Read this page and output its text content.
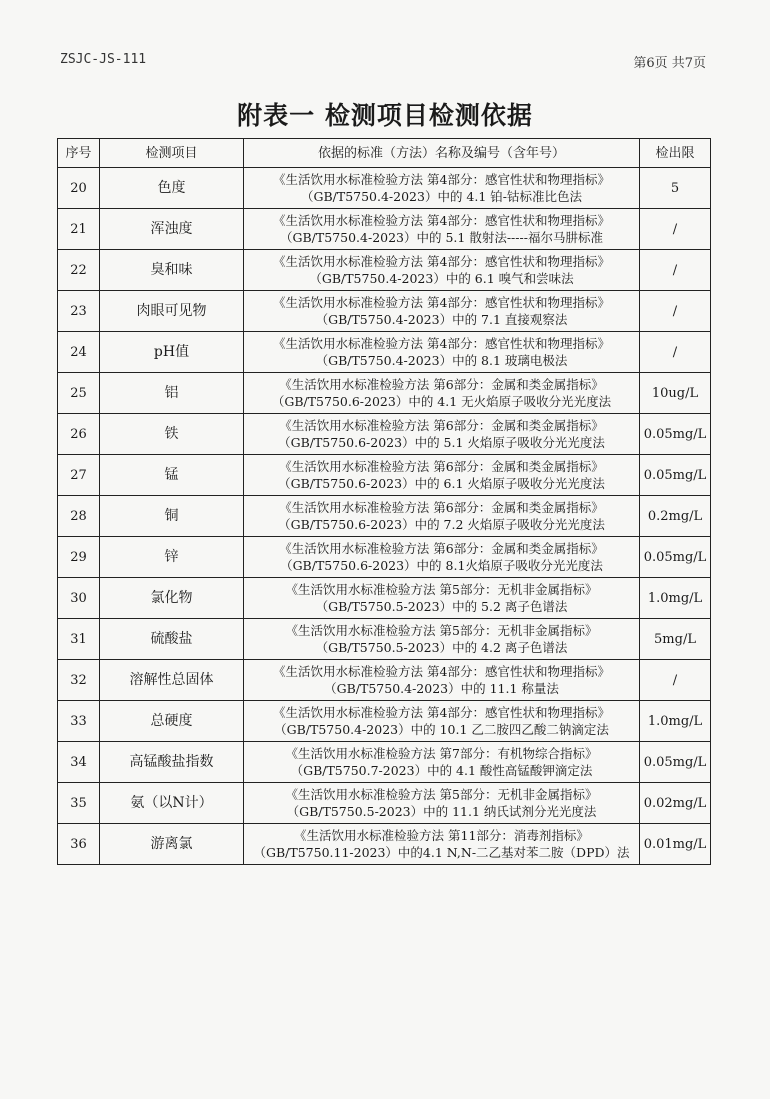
ZSJC-JS-111	第6页 共7页
附表一 检测项目检测依据
序号	检测项目	依据的标准（方法）名称及编号（含年号）	检出限
20	色度	《生活饮用水标准检验方法 第4部分：感官性状和物理指标》
（GB/T5750.4-2023）中的 4.1 铂-钴标准比色法	5
21	浑浊度	《生活饮用水标准检验方法 第4部分：感官性状和物理指标》
（GB/T5750.4-2023）中的 5.1 散射法-----福尔马肼标准	/
22	臭和味	《生活饮用水标准检验方法 第4部分：感官性状和物理指标》
（GB/T5750.4-2023）中的 6.1 嗅气和尝味法	/
23	肉眼可见物	《生活饮用水标准检验方法 第4部分：感官性状和物理指标》
（GB/T5750.4-2023）中的 7.1 直接观察法	/
24	pH值	《生活饮用水标准检验方法 第4部分：感官性状和物理指标》
（GB/T5750.4-2023）中的 8.1 玻璃电极法	/
25	铝	《生活饮用水标准检验方法 第6部分：金属和类金属指标》
（GB/T5750.6-2023）中的 4.1 无火焰原子吸收分光光度法	10ug/L
26	铁	《生活饮用水标准检验方法 第6部分：金属和类金属指标》
（GB/T5750.6-2023）中的 5.1 火焰原子吸收分光光度法	0.05mg/L
27	锰	《生活饮用水标准检验方法 第6部分：金属和类金属指标》
（GB/T5750.6-2023）中的 6.1 火焰原子吸收分光光度法	0.05mg/L
28	铜	《生活饮用水标准检验方法 第6部分：金属和类金属指标》
（GB/T5750.6-2023）中的 7.2 火焰原子吸收分光光度法	0.2mg/L
29	锌	《生活饮用水标准检验方法 第6部分：金属和类金属指标》
（GB/T5750.6-2023）中的 8.1火焰原子吸收分光光度法	0.05mg/L
30	氯化物	《生活饮用水标准检验方法 第5部分：无机非金属指标》
（GB/T5750.5-2023）中的 5.2 离子色谱法	1.0mg/L
31	硫酸盐	《生活饮用水标准检验方法 第5部分：无机非金属指标》
（GB/T5750.5-2023）中的 4.2 离子色谱法	5mg/L
32	溶解性总固体	《生活饮用水标准检验方法 第4部分：感官性状和物理指标》
（GB/T5750.4-2023）中的 11.1 称量法	/
33	总硬度	《生活饮用水标准检验方法 第4部分：感官性状和物理指标》
（GB/T5750.4-2023）中的 10.1 乙二胺四乙酸二钠滴定法	1.0mg/L
34	高锰酸盐指数	《生活饮用水标准检验方法 第7部分：有机物综合指标》
（GB/T5750.7-2023）中的 4.1 酸性高锰酸钾滴定法	0.05mg/L
35	氨（以N计）	《生活饮用水标准检验方法 第5部分：无机非金属指标》
（GB/T5750.5-2023）中的 11.1 纳氏试剂分光光度法	0.02mg/L
36	游离氯	《生活饮用水标准检验方法 第11部分：消毒剂指标》
（GB/T5750.11-2023）中的4.1 N,N-二乙基对苯二胺（DPD）法	0.01mg/L
